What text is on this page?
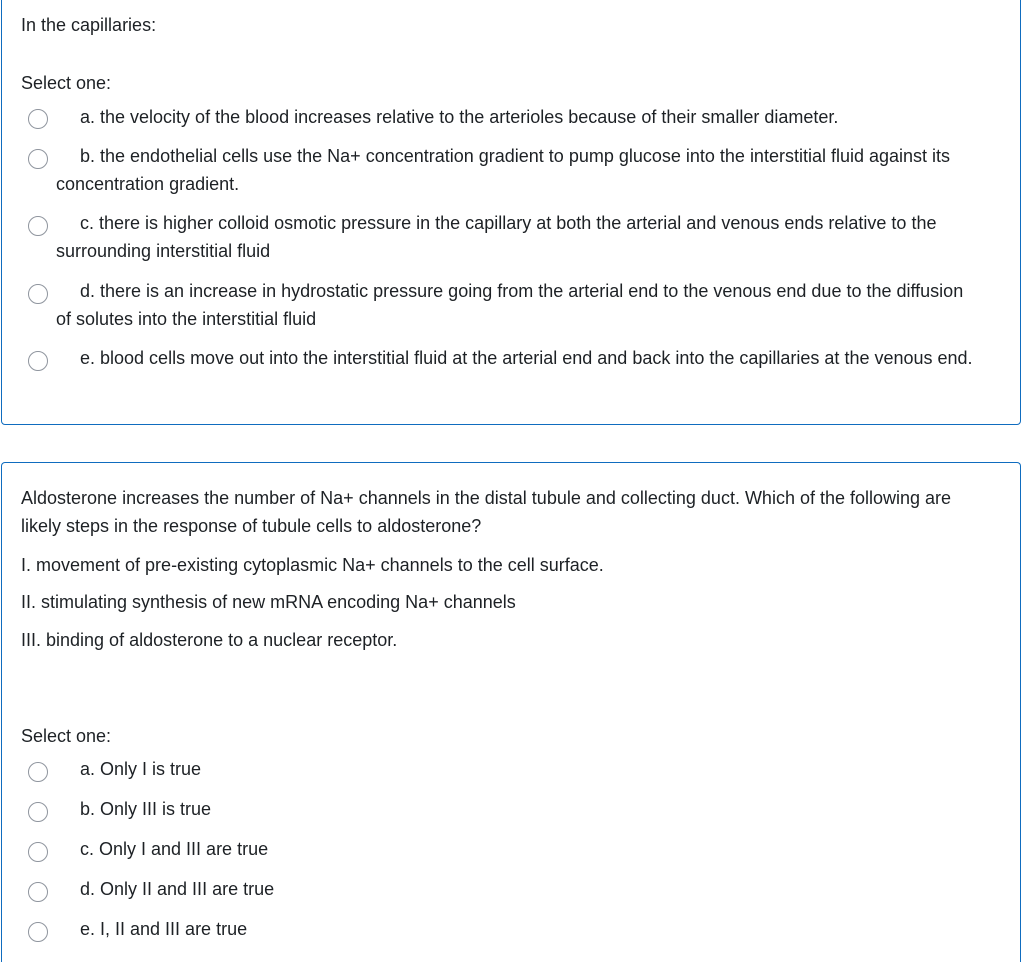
In the capillaries:
Select one:
a. the velocity of the blood increases relative to the arterioles because of their smaller diameter.
b. the endothelial cells use the Na+ concentration gradient to pump glucose into the interstitial fluid against its concentration gradient.
c. there is higher colloid osmotic pressure in the capillary at both the arterial and venous ends relative to the surrounding interstitial fluid
d. there is an increase in hydrostatic pressure going from the arterial end to the venous end due to the diffusion of solutes into the interstitial fluid
e. blood cells move out into the interstitial fluid at the arterial end and back into the capillaries at the venous end.
Aldosterone increases the number of Na+ channels in the distal tubule and collecting duct. Which of the following are likely steps in the response of tubule cells to aldosterone?
I. movement of pre-existing cytoplasmic Na+ channels to the cell surface.
II. stimulating synthesis of new mRNA encoding Na+ channels
III. binding of aldosterone to a nuclear receptor.
Select one:
a. Only I is true
b. Only III is true
c. Only I and III are true
d. Only II and III are true
e. I, II and III are true
